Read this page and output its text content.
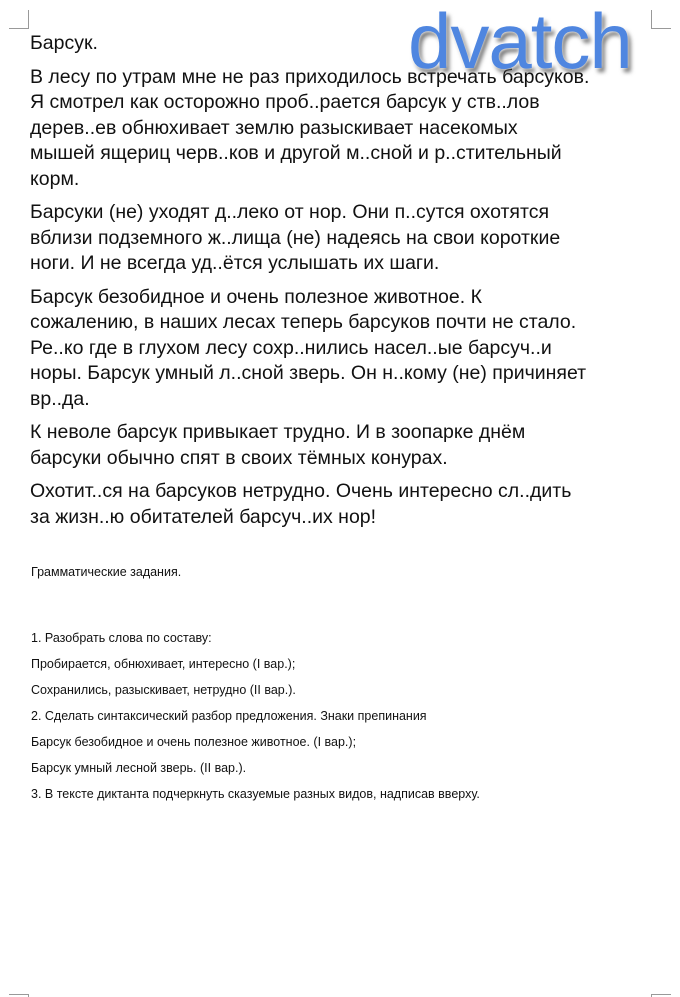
Барсук.
В лесу по утрам мне не раз приходилось встречать барсуков.
Я смотрел как осторожно проб..рается барсук у ств..лов
дерев..ев обнюхивает землю разыскивает насекомых
мышей ящериц черв..ков и другой м..сной и р..стительный
корм.
Барсуки (не) уходят д..леко от нор. Они п..сутся охотятся
вблизи подземного ж..лища (не) надеясь на свои короткие
ноги. И не всегда уд..ётся услышать их шаги.
Барсук безобидное и очень полезное животное. К
сожалению, в наших лесах теперь барсуков почти не стало.
Ре..ко где в глухом лесу сохр..нились насел..ые барсуч..и
норы. Барсук умный л..сной зверь. Он н..кому (не) причиняет
вр..да.
К неволе барсук привыкает трудно. И в зоопарке днём
барсуки обычно спят в своих тёмных конурах.
Охотит..ся на барсуков нетрудно. Очень интересно сл..дить
за жизн..ю обитателей барсуч..их нор!
Грамматические задания.
1. Разобрать слова по составу:
Пробирается, обнюхивает, интересно (I вар.);
Сохранились, разыскивает, нетрудно (II вар.).
2. Сделать синтаксический разбор предложения. Знаки препинания
Барсук безобидное и очень полезное животное. (I вар.);
Барсук умный лесной зверь. (II вар.).
3. В тексте диктанта подчеркнуть сказуемые разных видов, надписав вверху.
dvatch
